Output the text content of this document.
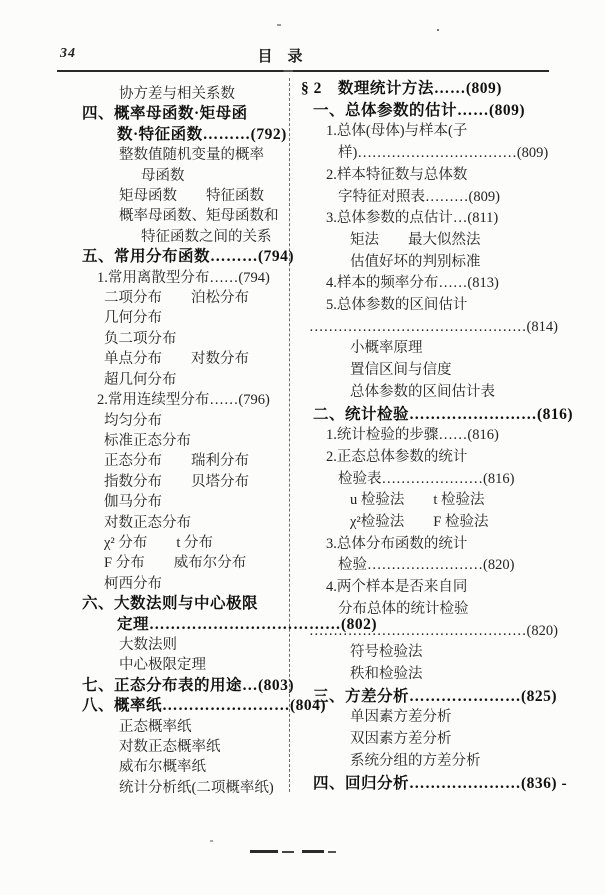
34	目　录
协方差与相关系数
四、概率母函数·矩母函
数·特征函数………(792)
整数值随机变量的概率
母函数
矩母函数　　特征函数
概率母函数、矩母函数和
特征函数之间的关系
五、常用分布函数………(794)
1.常用离散型分布……(794)
二项分布　　泊松分布
几何分布
负二项分布
单点分布　　对数分布
超几何分布
2.常用连续型分布……(796)
均匀分布
标准正态分布
正态分布　　瑞利分布
指数分布　　贝塔分布
伽马分布
对数正态分布
χ² 分布　　t 分布
F 分布　　威布尔分布
柯西分布
六、大数法则与中心极限
定理………………………………(802)
大数法则
中心极限定理
七、正态分布表的用途…(803)
八、概率纸……………………(804)
正态概率纸
对数正态概率纸
威布尔概率纸
统计分析纸(二项概率纸)
§ 2　数理统计方法……(809)
一、总体参数的估计……(809)
1.总体(母体)与样本(子
样)……………………………(809)
2.样本特征数与总体数
字特征对照表………(809)
3.总体参数的点估计…(811)
矩法　　最大似然法
估值好坏的判别标准
4.样本的频率分布……(813)
5.总体参数的区间估计
………………………………………(814)
小概率原理
置信区间与信度
总体参数的区间估计表
二、统计检验……………………(816)
1.统计检验的步骤……(816)
2.正态总体参数的统计
检验表…………………(816)
u 检验法　　t 检验法
χ²检验法　　F 检验法
3.总体分布函数的统计
检验……………………(820)
4.两个样本是否来自同
分布总体的统计检验
………………………………………(820)
符号检验法
秩和检验法
三、方差分析…………………(825)
单因素方差分析
双因素方差分析
系统分组的方差分析
四、回归分析…………………(836) -
